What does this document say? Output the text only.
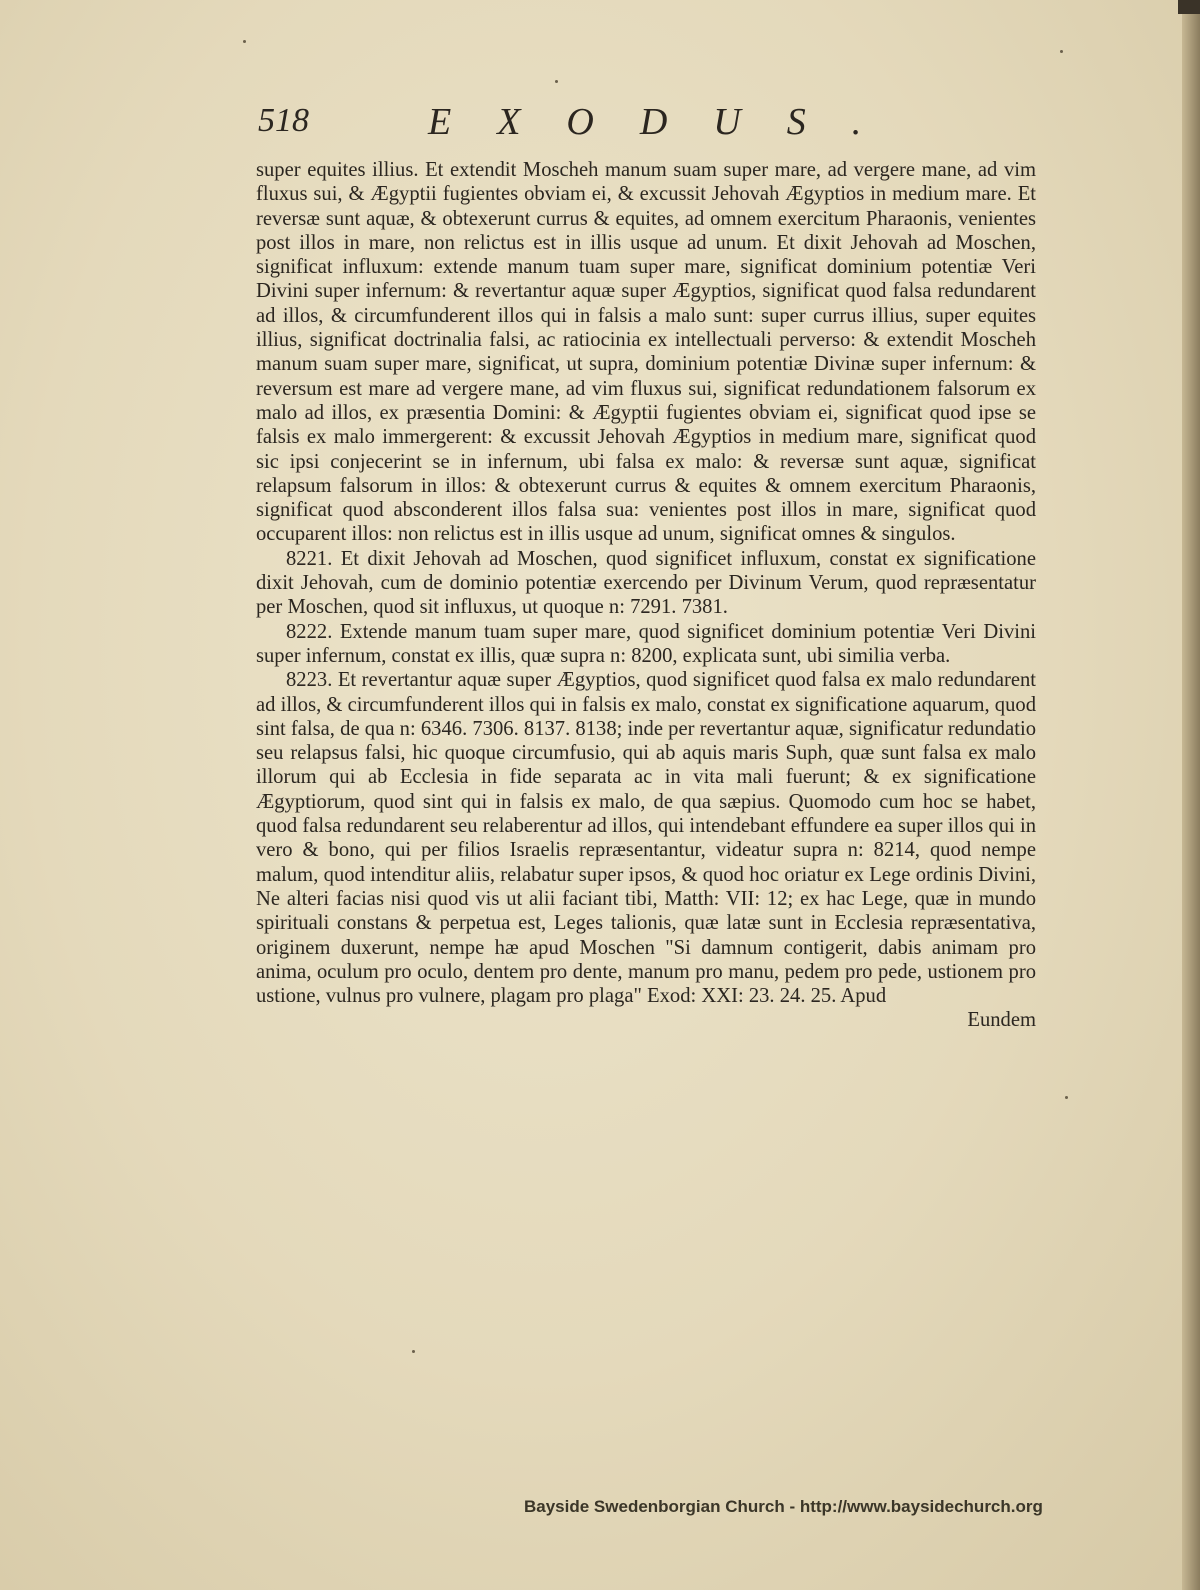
518	EXODUS.

super equites illius. Et extendit Moscheh manum suam super mare, ad vergere mane, ad vim fluxus sui, & Ægyptii fugientes obviam ei, & excussit Jehovah Ægyptios in medium mare. Et reversæ sunt aquæ, & obtexerunt currus & equites, ad omnem exercitum Pharaonis, venientes post illos in mare, non relictus est in illis usque ad unum. Et dixit Jehovah ad Moschen, significat influxum: extende manum tuam super mare, significat dominium potentiæ Veri Divini super infernum: & revertantur aquæ super Ægyptios, significat quod falsa redundarent ad illos, & circumfunderent illos qui in falsis a malo sunt: super currus illius, super equites illius, significat doctrinalia falsi, ac ratiocinia ex intellectuali perverso: & extendit Moscheh manum suam super mare, significat, ut supra, dominium potentiæ Divinæ super infernum: & reversum est mare ad vergere mane, ad vim fluxus sui, significat redundationem falsorum ex malo ad illos, ex præsentia Domini: & Ægyptii fugientes obviam ei, significat quod ipse se falsis ex malo immergerent: & excussit Jehovah Ægyptios in medium mare, significat quod sic ipsi conjecerint se in infernum, ubi falsa ex malo: & reversæ sunt aquæ, significat relapsum falsorum in illos: & obtexerunt currus & equites & omnem exercitum Pharaonis, significat quod absconderent illos falsa sua: venientes post illos in mare, significat quod occuparent illos: non relictus est in illis usque ad unum, significat omnes & singulos.

8221. Et dixit Jehovah ad Moschen, quod significet influxum, constat ex significatione dixit Jehovah, cum de dominio potentiæ exercendo per Divinum Verum, quod repræsentatur per Moschen, quod sit influxus, ut quoque n: 7291. 7381.

8222. Extende manum tuam super mare, quod significet dominium potentiæ Veri Divini super infernum, constat ex illis, quæ supra n: 8200, explicata sunt, ubi similia verba.

8223. Et revertantur aquæ super Ægyptios, quod significet quod falsa ex malo redundarent ad illos, & circumfunderent illos qui in falsis ex malo, constat ex significatione aquarum, quod sint falsa, de qua n: 6346. 7306. 8137. 8138; inde per revertantur aquæ, significatur redundatio seu relapsus falsi, hic quoque circumfusio, qui ab aquis maris Suph, quæ sunt falsa ex malo illorum qui ab Ecclesia in fide separata ac in vita mali fuerunt; & ex significatione Ægyptiorum, quod sint qui in falsis ex malo, de qua sæpius. Quomodo cum hoc se habet, quod falsa redundarent seu relaberentur ad illos, qui intendebant effundere ea super illos qui in vero & bono, qui per filios Israelis repræsentantur, videatur supra n: 8214, quod nempe malum, quod intenditur aliis, relabatur super ipsos, & quod hoc oriatur ex Lege ordinis Divini, Ne alteri facias nisi quod vis ut alii faciant tibi, Matth: VII: 12; ex hac Lege, quæ in mundo spirituali constans & perpetua est, Leges talionis, quæ latæ sunt in Ecclesia repræsentativa, originem duxerunt, nempe hæ apud Moschen "Si damnum contigerit, dabis animam pro anima, oculum pro oculo, dentem pro dente, manum pro manu, pedem pro pede, ustionem pro ustione, vulnus pro vulnere, plagam pro plaga" Exod: XXI: 23. 24. 25. Apud

Eundem

Bayside Swedenborgian Church - http://www.baysidechurch.org
